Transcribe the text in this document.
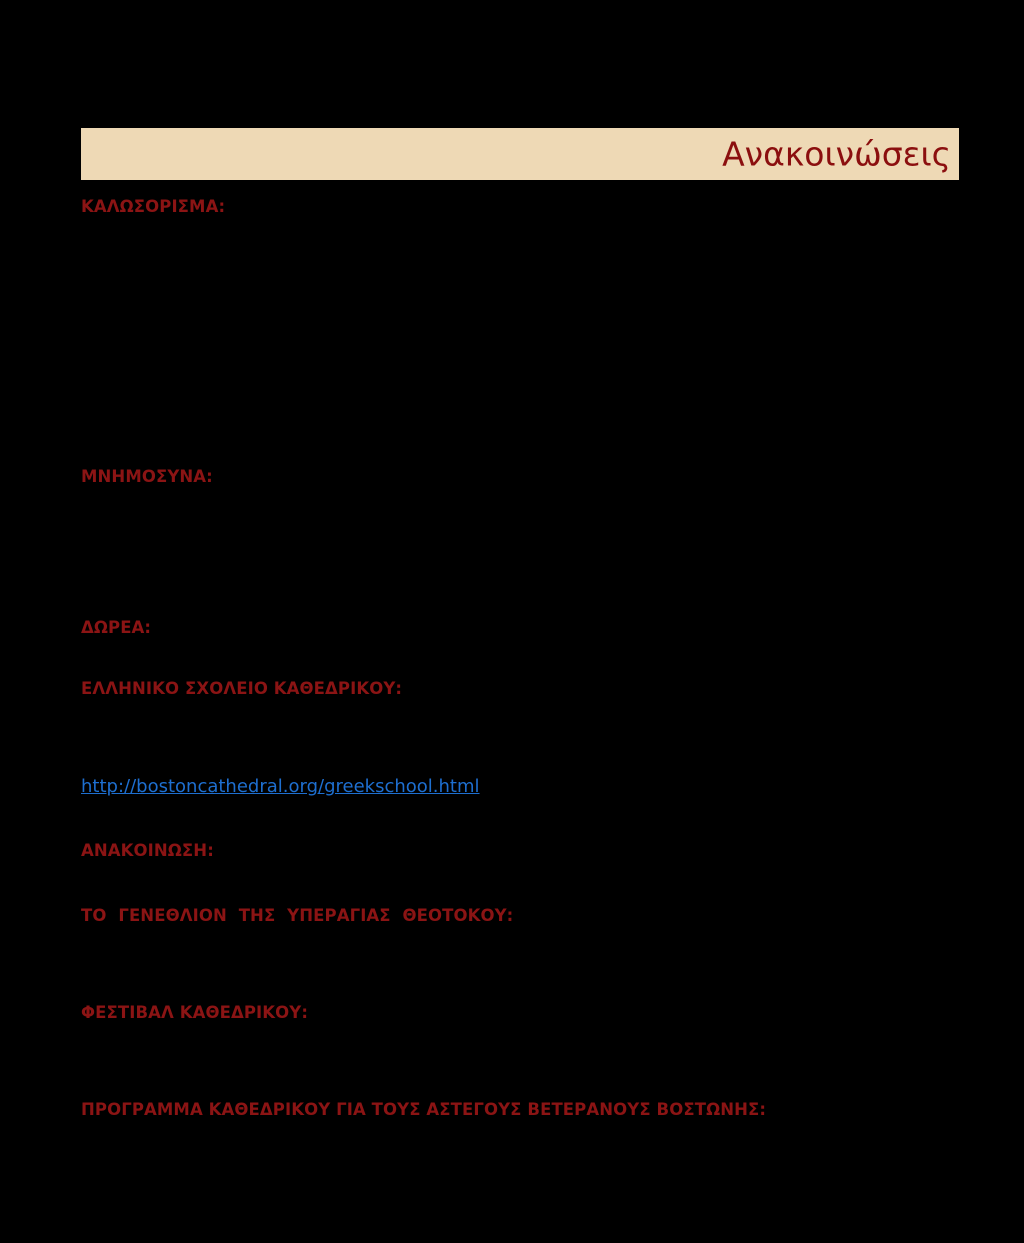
Ανακοινώσεις
ΚΑΛΩΣΟΡΙΣΜΑ:
ΜΝΗΜΟΣΥΝΑ:
ΔΩΡΕΑ:
ΕΛΛΗΝΙΚΟ ΣΧΟΛΕΙΟ ΚΑΘΕΔΡΙΚΟΥ:
http://bostoncathedral.org/greekschool.html
ΑΝΑΚΟΙΝΩΣΗ:
ΤΟ ΓΕΝΕΘΛΙΟΝ ΤΗΣ ΥΠΕΡΑΓΙΑΣ ΘΕΟΤΟΚΟΥ:
ΦΕΣΤΙΒΑΛ ΚΑΘΕΔΡΙΚΟΥ:
ΠΡΟΓΡΑΜΜΑ ΚΑΘΕΔΡΙΚΟΥ ΓΙΑ ΤΟΥΣ ΑΣΤΕΓΟΥΣ ΒΕΤΕΡΑΝΟΥΣ ΒΟΣΤΩΝΗΣ:
